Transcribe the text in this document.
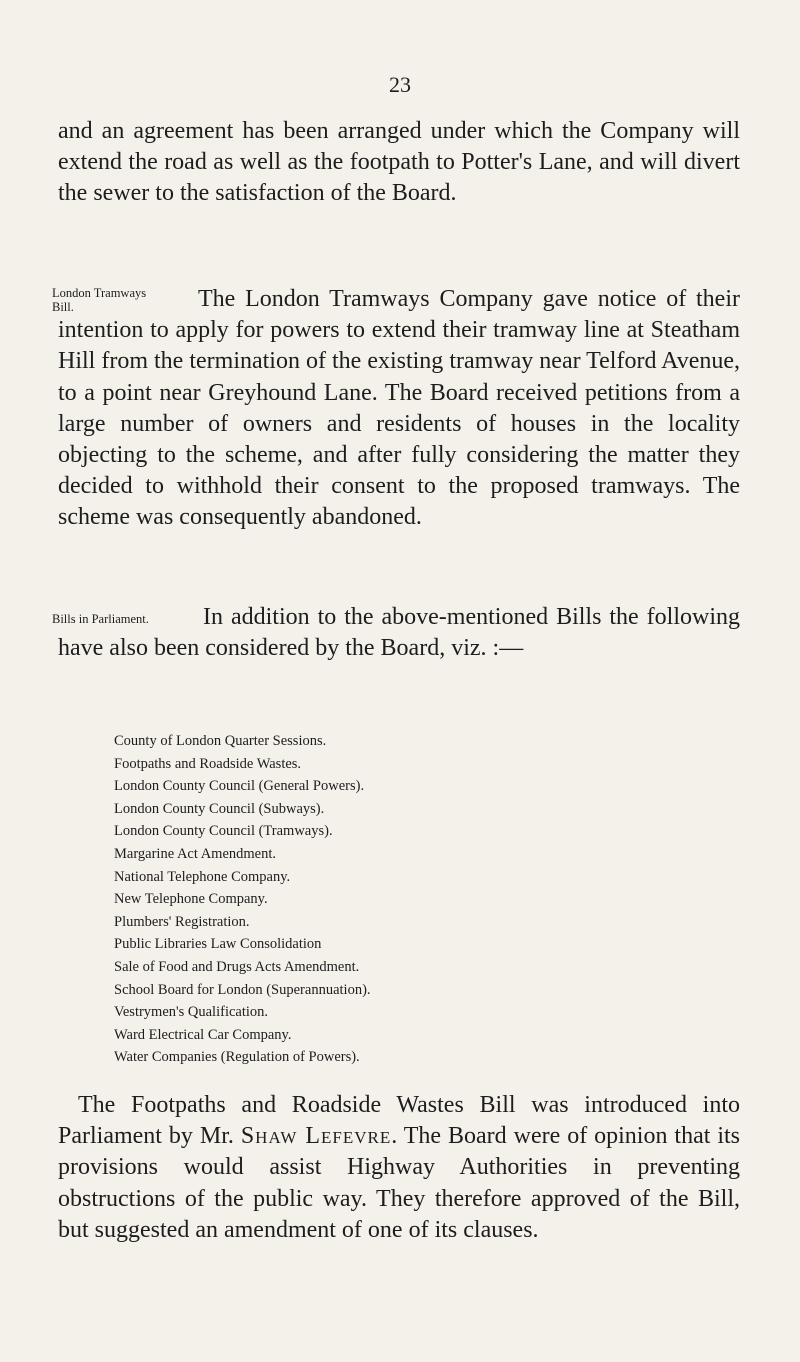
23

and an agreement has been arranged under which the Company will extend the road as well as the footpath to Potter's Lane, and will divert the sewer to the satisfaction of the Board.

London Tramways Bill.	The London Tramways Company gave notice of their intention to apply for powers to extend their tramway line at Steatham Hill from the termination of the existing tramway near Telford Avenue, to a point near Greyhound Lane. The Board received petitions from a large number of owners and residents of houses in the locality objecting to the scheme, and after fully considering the matter they decided to withhold their consent to the proposed tramways. The scheme was consequently abandoned.

Bills in Parliament.	In addition to the above-mentioned Bills the following have also been considered by the Board, viz. :—

County of London Quarter Sessions.
Footpaths and Roadside Wastes.
London County Council (General Powers).
London County Council (Subways).
London County Council (Tramways).
Margarine Act Amendment.
National Telephone Company.
New Telephone Company.
Plumbers' Registration.
Public Libraries Law Consolidation
Sale of Food and Drugs Acts Amendment.
School Board for London (Superannuation).
Vestrymen's Qualification.
Ward Electrical Car Company.
Water Companies (Regulation of Powers).

The Footpaths and Roadside Wastes Bill was introduced into Parliament by Mr. Shaw Lefevre. The Board were of opinion that its provisions would assist Highway Authorities in preventing obstructions of the public way. They therefore approved of the Bill, but suggested an amendment of one of its clauses.
